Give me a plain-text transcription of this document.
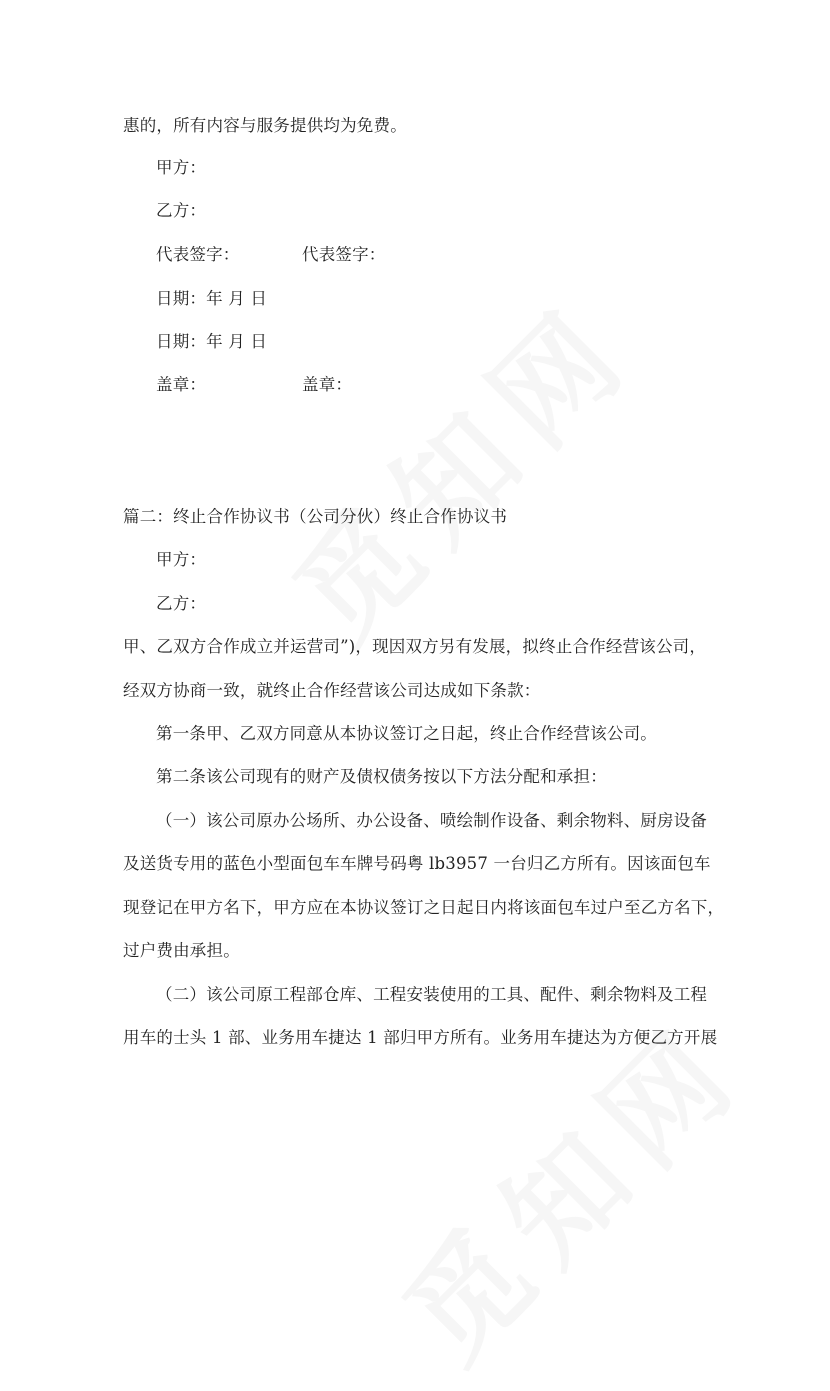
惠的，所有内容与服务提供均为免费。
甲方：
乙方：
代表签字：	代表签字：
日期：年 月 日
日期：年 月 日
盖章：	盖章：
篇二：终止合作协议书（公司分伙）终止合作协议书
甲方：
乙方：
甲、乙双方合作成立并运营司”)，现因双方另有发展，拟终止合作经营该公司，
经双方协商一致，就终止合作经营该公司达成如下条款：
第一条甲、乙双方同意从本协议签订之日起，终止合作经营该公司。
第二条该公司现有的财产及债权债务按以下方法分配和承担：
（一）该公司原办公场所、办公设备、喷绘制作设备、剩余物料、厨房设备
及送货专用的蓝色小型面包车车牌号码粤 lb3957 一台归乙方所有。因该面包车
现登记在甲方名下，甲方应在本协议签订之日起日内将该面包车过户至乙方名下，
过户费由承担。
（二）该公司原工程部仓库、工程安装使用的工具、配件、剩余物料及工程
用车的士头 1 部、业务用车捷达 1 部归甲方所有。业务用车捷达为方便乙方开展
